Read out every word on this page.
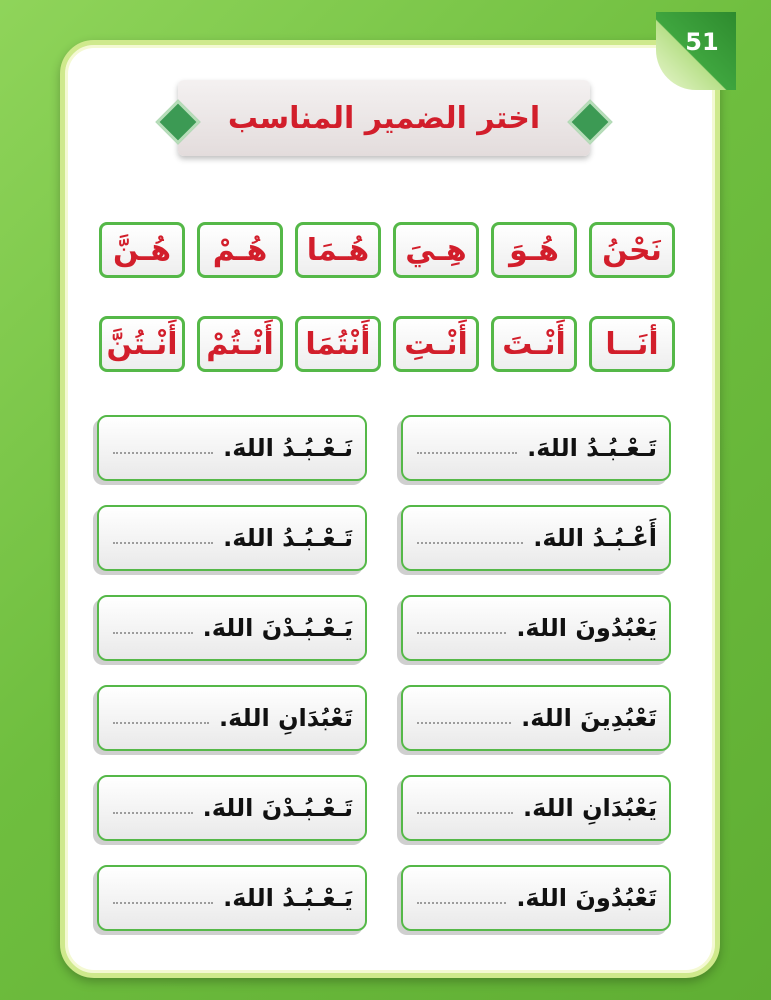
51
اختر الضمير المناسب
نَحْنُ
هُـوَ
هِـيَ
هُـمَا
هُـمْ
هُـنَّ
أنَــا
أَنْـتَ
أَنْـتِ
أَنْتُمَا
أَنْـتُمْ
أَنْـتُنَّ
تَـعْـبُـدُ اللهَ.
نَـعْـبُـدُ اللهَ.
أَعْـبُـدُ اللهَ.
تَـعْـبُـدُ اللهَ.
يَعْبُدُونَ اللهَ.
يَـعْـبُـدْنَ اللهَ.
تَعْبُدِينَ اللهَ.
تَعْبُدَانِ اللهَ.
يَعْبُدَانِ اللهَ.
تَـعْـبُـدْنَ اللهَ.
تَعْبُدُونَ اللهَ.
يَـعْـبُـدُ اللهَ.
